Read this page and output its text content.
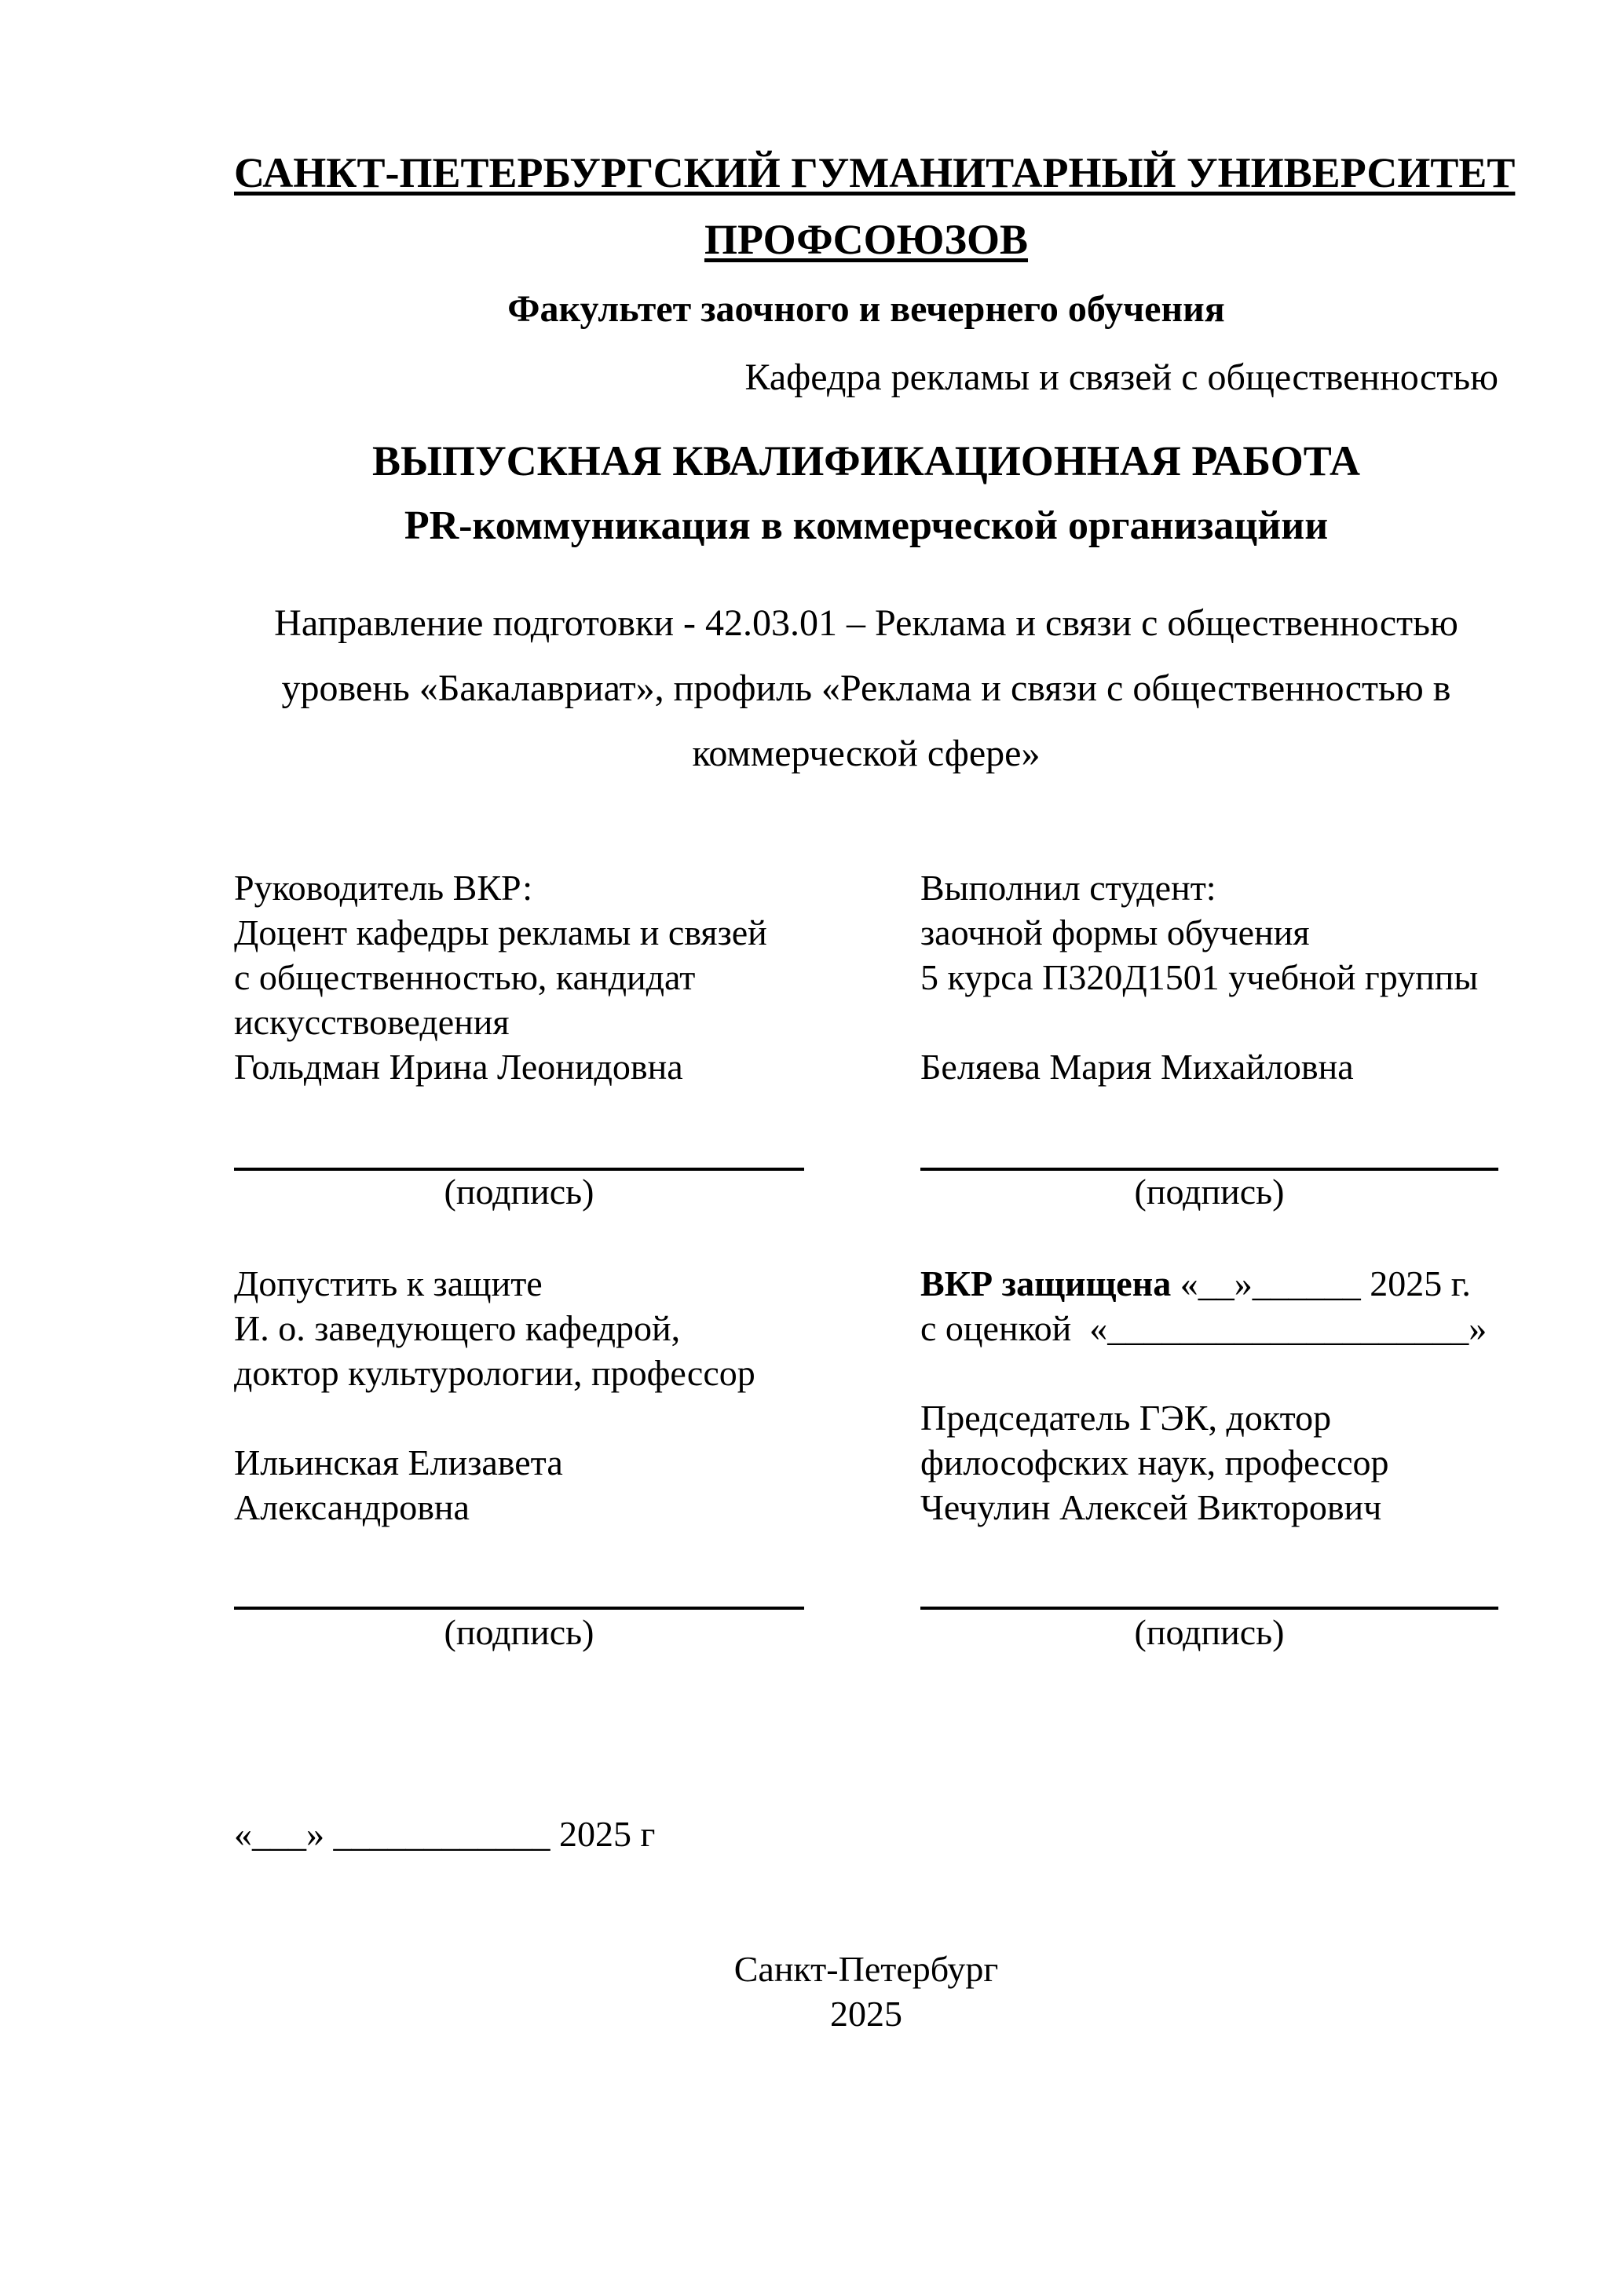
САНКТ-ПЕТЕРБУРГСКИЙ ГУМАНИТАРНЫЙ УНИВЕРСИТЕТ
ПРОФСОЮЗОВ
Факультет заочного и вечернего обучения
Кафедра рекламы и связей с общественностью
ВЫПУСКНАЯ КВАЛИФИКАЦИОННАЯ РАБОТА
PR-коммуникация в коммерческой организацйии
Направление подготовки - 42.03.01 – Реклама и связи с общественностью
уровень «Бакалавриат», профиль «Реклама и связи с общественностью в
коммерческой сфере»
Руководитель ВКР:
Доцент кафедры рекламы и связей
с общественностью, кандидат
искусствоведения
Гольдман Ирина Леонидовна
Выполнил студент:
заочной формы обучения
5 курса П320Д1501 учебной группы
Беляева Мария Михайловна
(подпись)	(подпись)
Допустить к защите
И. о. заведующего кафедрой,
доктор культурологии, профессор
Ильинская Елизавета
Александровна
ВКР защищена «__»______ 2025 г.
с оценкой  «____________________»
Председатель ГЭК, доктор
философских наук, профессор
Чечулин Алексей Викторович
(подпись)	(подпись)
«___» ____________ 2025 г
Санкт-Петербург
2025
